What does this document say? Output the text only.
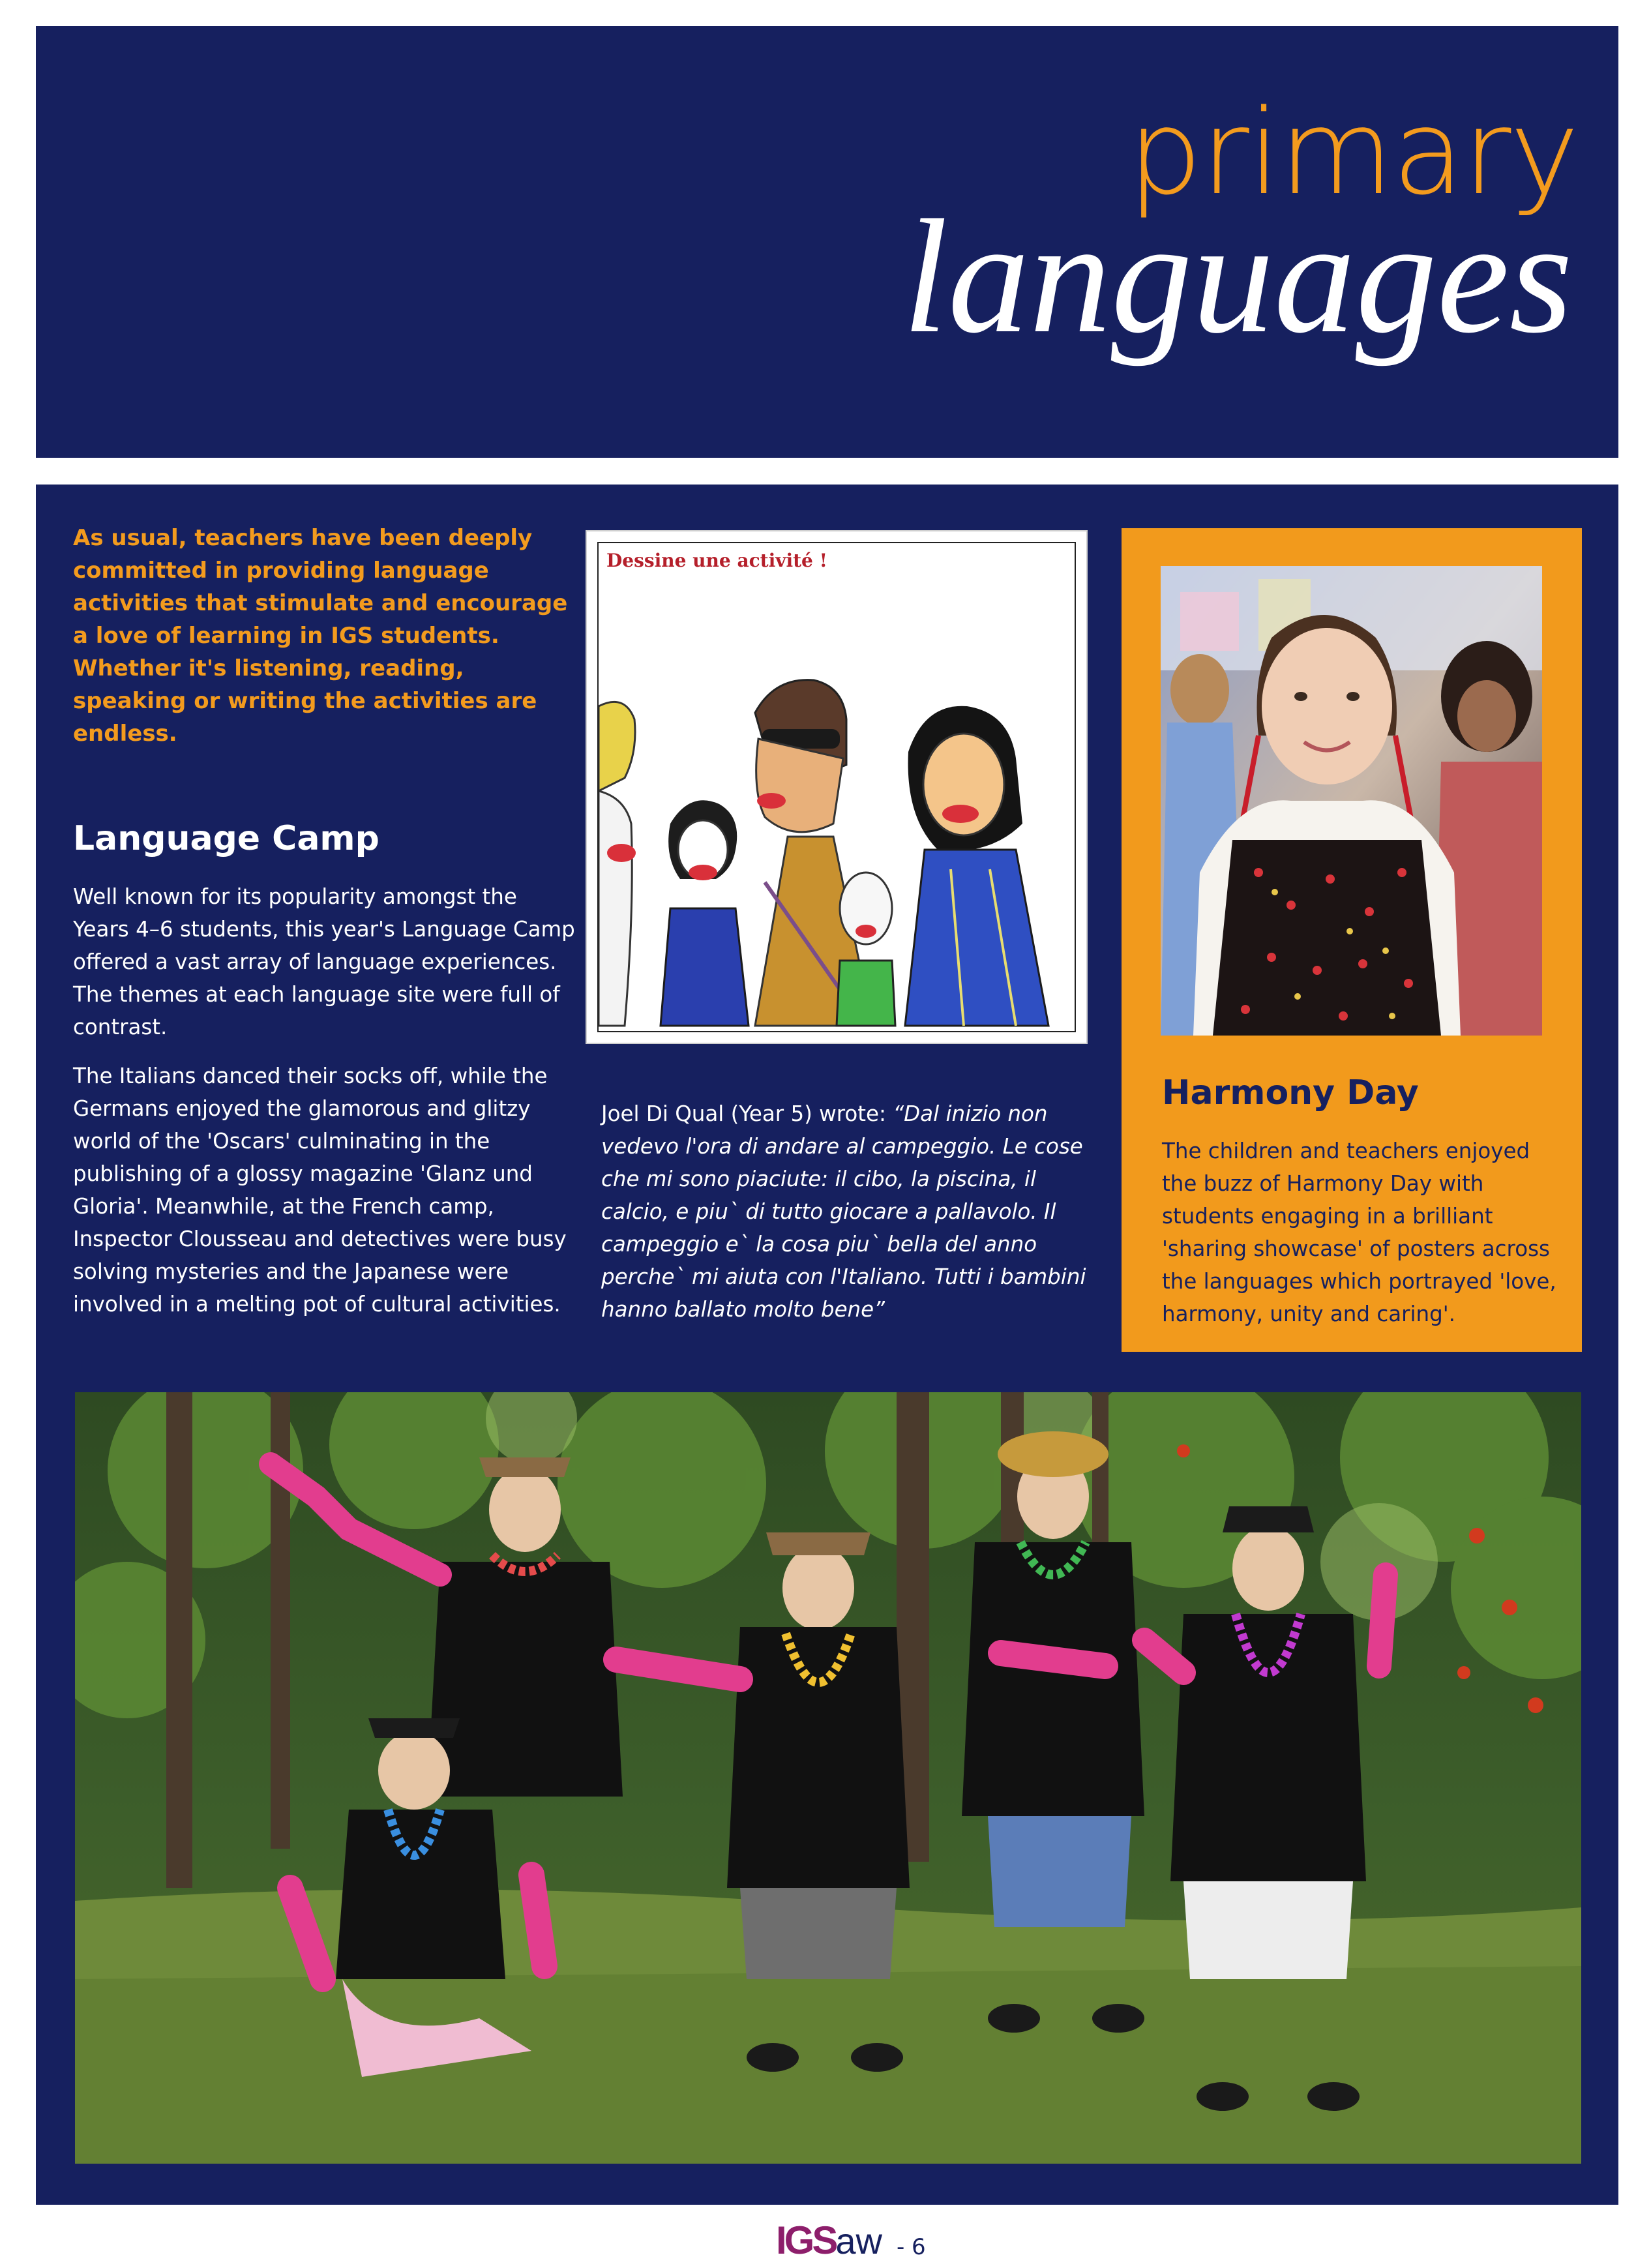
primary
languages
As usual, teachers have been deeply committed in providing language activities that stimulate and encourage a love of learning in IGS students. Whether it's listening, reading, speaking or writing the activities are endless.
Language Camp
Well known for its popularity amongst the Years 4–6 students, this year's Language Camp offered a vast array of language experiences. The themes at each language site were full of contrast.
The Italians danced their socks off, while the Germans enjoyed the glamorous and glitzy world of the 'Oscars' culminating in the publishing of a glossy magazine 'Glanz und Gloria'. Meanwhile, at the French camp, Inspector Clousseau and detectives were busy solving mysteries and the Japanese were involved in a melting pot of cultural activities.
Dessine une activité !
Joel Di Qual (Year 5) wrote: “Dal inizio non vedevo l'ora di andare al campeggio. Le cose che mi sono piaciute: il cibo, la piscina, il calcio, e piu` di tutto giocare a pallavolo. Il campeggio e` la cosa piu` bella del anno perche` mi aiuta con l'Italiano. Tutti i bambini hanno ballato molto bene”
Harmony Day
The children and teachers enjoyed the buzz of Harmony Day with students engaging in a brilliant 'sharing showcase' of posters across the languages which portrayed 'love, harmony, unity and caring'.
IGSaw - 6
